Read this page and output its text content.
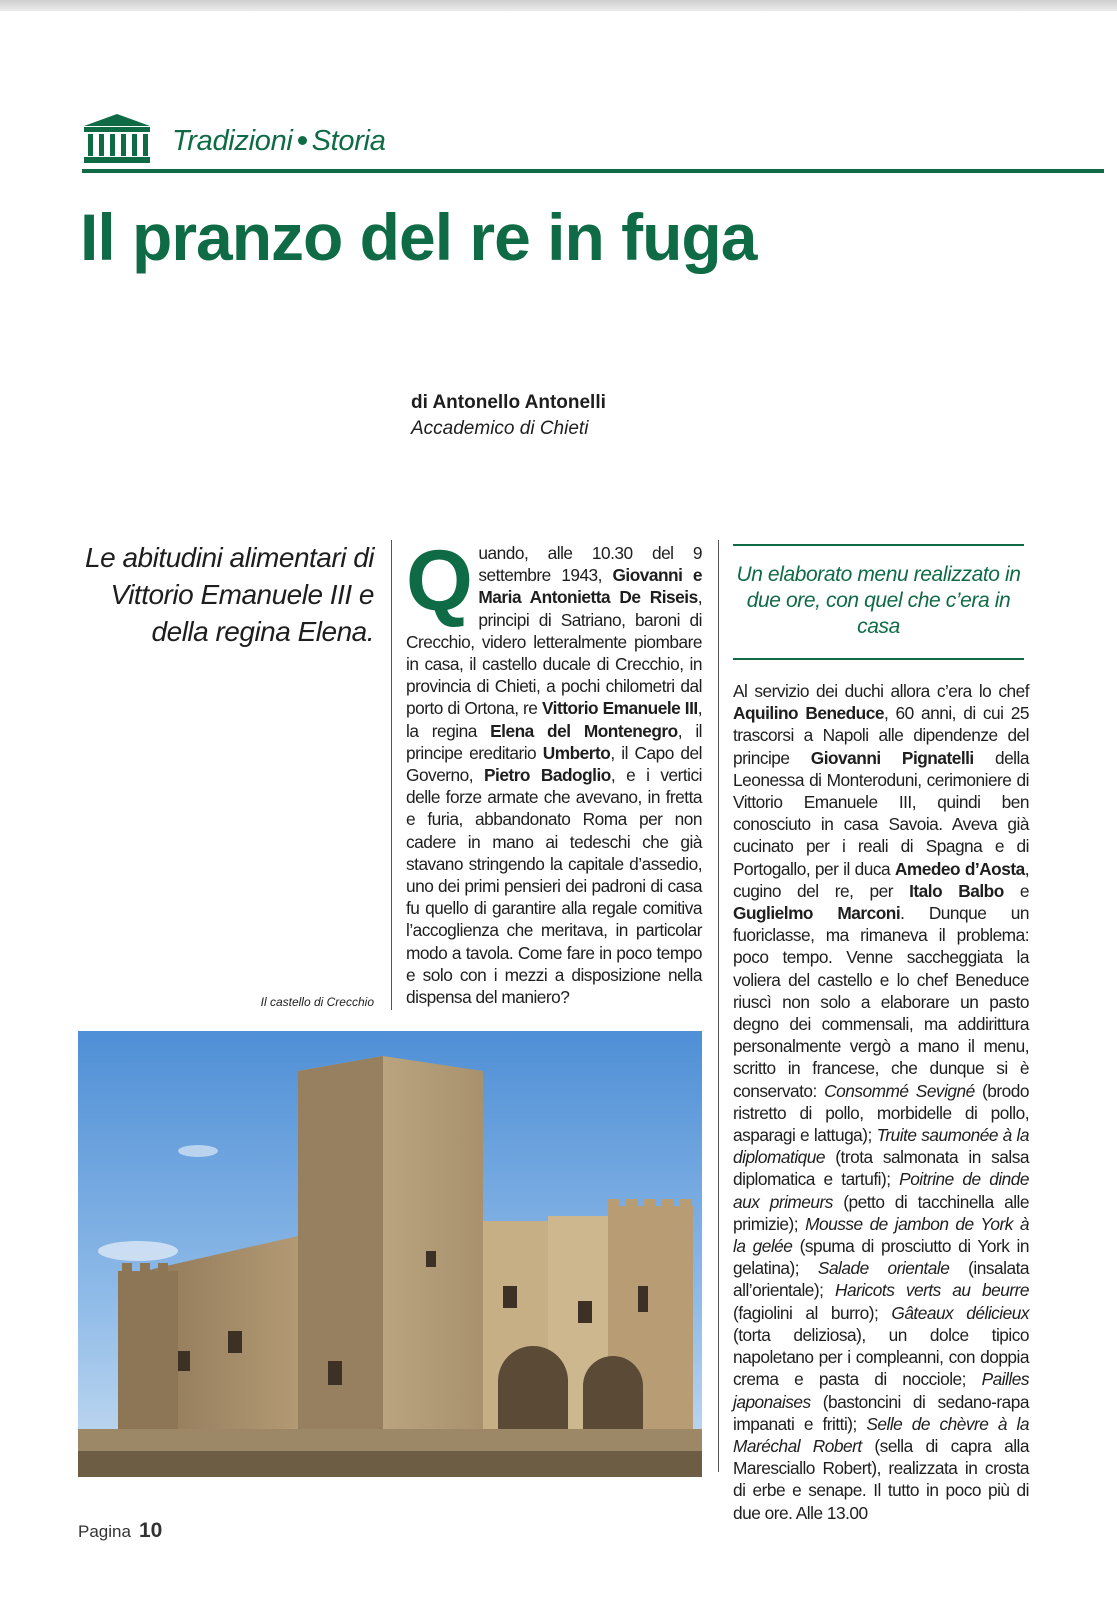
Tradizioni Storia
Il pranzo del re in fuga
di Antonello Antonelli
Accademico di Chieti
Le abitudini alimentari di Vittorio Emanuele III e della regina Elena.
Il castello di Crecchio
Quando, alle 10.30 del 9 settembre 1943, Giovanni e Maria Antonietta De Riseis, principi di Satriano, baroni di Crecchio, videro letteralmente piombare in casa, il castello ducale di Crecchio, in provincia di Chieti, a pochi chilometri dal porto di Ortona, re Vittorio Emanuele III, la regina Elena del Montenegro, il principe ereditario Umberto, il Capo del Governo, Pietro Badoglio, e i vertici delle forze armate che avevano, in fretta e furia, abbandonato Roma per non cadere in mano ai tedeschi che già stavano stringendo la capitale d’assedio, uno dei primi pensieri dei padroni di casa fu quello di garantire alla regale comitiva l’accoglienza che meritava, in particolar modo a tavola. Come fare in poco tempo e solo con i mezzi a disposizione nella dispensa del maniero?
Un elaborato menu realizzato in due ore, con quel che c’era in casa
Al servizio dei duchi allora c’era lo chef Aquilino Beneduce, 60 anni, di cui 25 trascorsi a Napoli alle dipendenze del principe Giovanni Pignatelli della Leonessa di Monteroduni, cerimoniere di Vittorio Emanuele III, quindi ben conosciuto in casa Savoia. Aveva già cucinato per i reali di Spagna e di Portogallo, per il duca Amedeo d’Aosta, cugino del re, per Italo Balbo e Guglielmo Marconi. Dunque un fuoriclasse, ma rimaneva il problema: poco tempo. Venne saccheggiata la voliera del castello e lo chef Beneduce riuscì non solo a elaborare un pasto degno dei commensali, ma addirittura personalmente vergò a mano il menu, scritto in francese, che dunque si è conservato: Consommé Sevigné (brodo ristretto di pollo, morbidelle di pollo, asparagi e lattuga); Truite saumonée à la diplomatique (trota salmonata in salsa diplomatica e tartufi); Poitrine de dinde aux primeurs (petto di tacchinella alle primizie); Mousse de jambon de York à la gelée (spuma di prosciutto di York in gelatina); Salade orientale (insalata all’orientale); Haricots verts au beurre (fagiolini al burro); Gâteaux délicieux (torta deliziosa), un dolce tipico napoletano per i compleanni, con doppia crema e pasta di nocciole; Pailles japonaises (bastoncini di sedano-rapa impanati e fritti); Selle de chèvre à la Maréchal Robert (sella di capra alla Maresciallo Robert), realizzata in crosta di erbe e senape. Il tutto in poco più di due ore. Alle 13.00
Pagina 10
